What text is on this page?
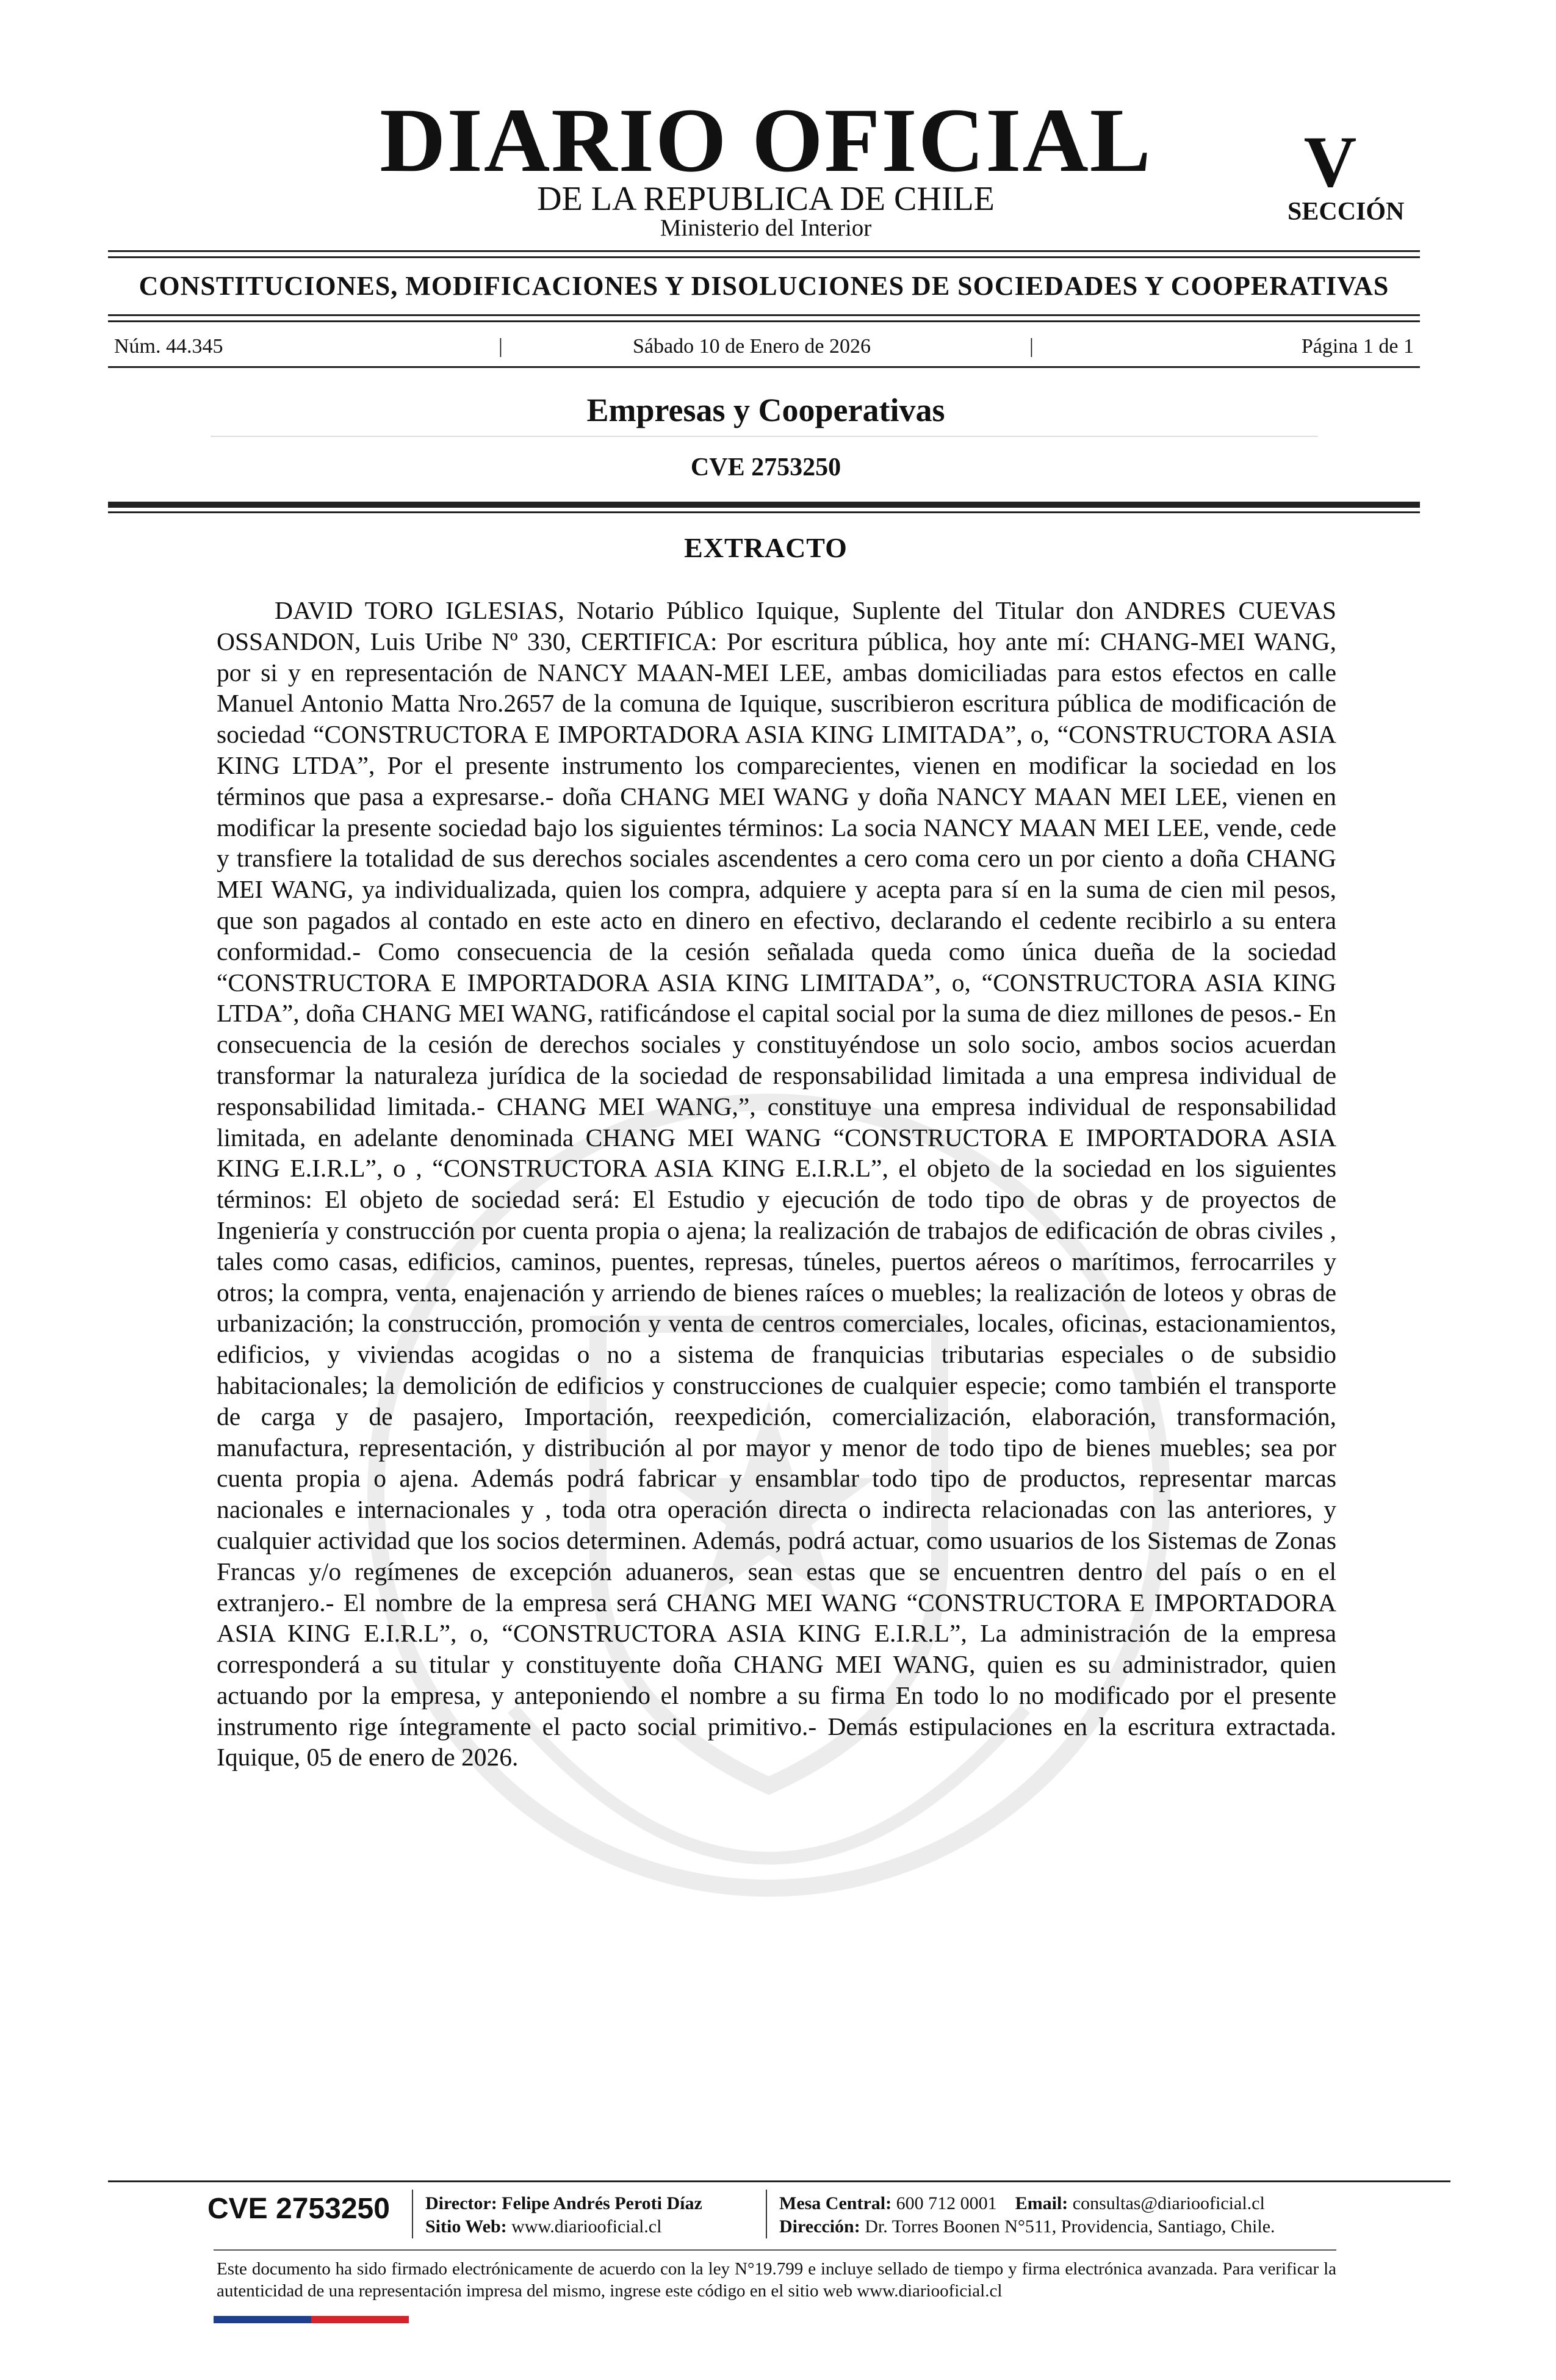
DIARIO OFICIAL
DE LA REPUBLICA DE CHILE
Ministerio del Interior
V
SECCIÓN
CONSTITUCIONES, MODIFICACIONES Y DISOLUCIONES DE SOCIEDADES Y COOPERATIVAS
Núm. 44.345	|	Sábado 10 de Enero de 2026	|	Página 1 de 1
Empresas y Cooperativas
CVE 2753250
EXTRACTO
DAVID TORO IGLESIAS, Notario Público Iquique, Suplente del Titular don ANDRES CUEVAS OSSANDON, Luis Uribe Nº 330, CERTIFICA: Por escritura pública, hoy ante mí: CHANG-MEI WANG, por si y en representación de NANCY MAAN-MEI LEE, ambas domiciliadas para estos efectos en calle Manuel Antonio Matta Nro.2657 de la comuna de Iquique, suscribieron escritura pública de modificación de sociedad “CONSTRUCTORA E IMPORTADORA ASIA KING LIMITADA”, o, “CONSTRUCTORA ASIA KING LTDA”, Por el presente instrumento los comparecientes, vienen en modificar la sociedad en los términos que pasa a expresarse.- doña CHANG MEI WANG y doña NANCY MAAN MEI LEE, vienen en modificar la presente sociedad bajo los siguientes términos: La socia NANCY MAAN MEI LEE, vende, cede y transfiere la totalidad de sus derechos sociales ascendentes a cero coma cero un por ciento a doña CHANG MEI WANG, ya individualizada, quien los compra, adquiere y acepta para sí en la suma de cien mil pesos, que son pagados al contado en este acto en dinero en efectivo, declarando el cedente recibirlo a su entera conformidad.- Como consecuencia de la cesión señalada queda como única dueña de la sociedad “CONSTRUCTORA E IMPORTADORA ASIA KING LIMITADA”, o, “CONSTRUCTORA ASIA KING LTDA”, doña CHANG MEI WANG, ratificándose el capital social por la suma de diez millones de pesos.- En consecuencia de la cesión de derechos sociales y constituyéndose un solo socio, ambos socios acuerdan transformar la naturaleza jurídica de la sociedad de responsabilidad limitada a una empresa individual de responsabilidad limitada.- CHANG MEI WANG,”, constituye una empresa individual de responsabilidad limitada, en adelante denominada CHANG MEI WANG “CONSTRUCTORA E IMPORTADORA ASIA KING E.I.R.L”, o , “CONSTRUCTORA ASIA KING E.I.R.L”, el objeto de la sociedad en los siguientes términos: El objeto de sociedad será: El Estudio y ejecución de todo tipo de obras y de proyectos de Ingeniería y construcción por cuenta propia o ajena; la realización de trabajos de edificación de obras civiles , tales como casas, edificios, caminos, puentes, represas, túneles, puertos aéreos o marítimos, ferrocarriles y otros; la compra, venta, enajenación y arriendo de bienes raíces o muebles; la realización de loteos y obras de urbanización; la construcción, promoción y venta de centros comerciales, locales, oficinas, estacionamientos, edificios, y viviendas acogidas o no a sistema de franquicias tributarias especiales o de subsidio habitacionales; la demolición de edificios y construcciones de cualquier especie; como también el transporte de carga y de pasajero, Importación, reexpedición, comercialización, elaboración, transformación, manufactura, representación, y distribución al por mayor y menor de todo tipo de bienes muebles; sea por cuenta propia o ajena. Además podrá fabricar y ensamblar todo tipo de productos, representar marcas nacionales e internacionales y , toda otra operación directa o indirecta relacionadas con las anteriores, y cualquier actividad que los socios determinen. Además, podrá actuar, como usuarios de los Sistemas de Zonas Francas y/o regímenes de excepción aduaneros, sean estas que se encuentren dentro del país o en el extranjero.- El nombre de la empresa será CHANG MEI WANG “CONSTRUCTORA E IMPORTADORA ASIA KING E.I.R.L”, o, “CONSTRUCTORA ASIA KING E.I.R.L”, La administración de la empresa corresponderá a su titular y constituyente doña CHANG MEI WANG, quien es su administrador, quien actuando por la empresa, y anteponiendo el nombre a su firma En todo lo no modificado por el presente instrumento rige íntegramente el pacto social primitivo.- Demás estipulaciones en la escritura extractada. Iquique, 05 de enero de 2026.
CVE 2753250 Director: Felipe Andrés Peroti Díaz
Sitio Web: www.diariooficial.cl
Mesa Central: 600 712 0001 Email: consultas@diariooficial.cl
Dirección: Dr. Torres Boonen N°511, Providencia, Santiago, Chile.
Este documento ha sido firmado electrónicamente de acuerdo con la ley N°19.799 e incluye sellado de tiempo y firma electrónica avanzada. Para verificar la autenticidad de una representación impresa del mismo, ingrese este código en el sitio web www.diariooficial.cl
